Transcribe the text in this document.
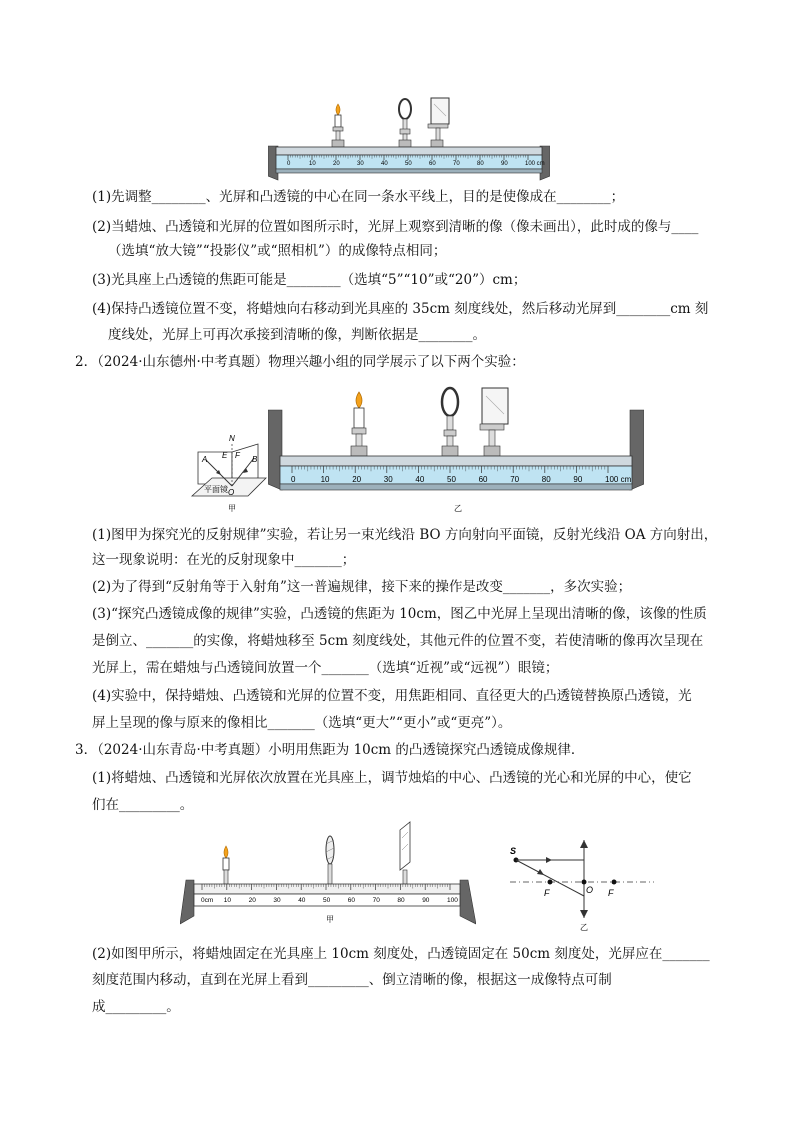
0	10	20	30	40	50	60	70	80	90	100 cm
(1)先调整________、光屏和凸透镜的中心在同一条水平线上，目的是使像成在________；
(2)当蜡烛、凸透镜和光屏的位置如图所示时，光屏上观察到清晰的像（像未画出），此时成的像与____
（选填“放大镜”“投影仪”或“照相机”）的成像特点相同；
(3)光具座上凸透镜的焦距可能是________（选填“5”“10”或“20”）cm；
(4)保持凸透镜位置不变，将蜡烛向右移动到光具座的 35cm 刻度线处，然后移动光屏到________cm 刻
度线处，光屏上可再次承接到清晰的像，判断依据是________。
2．（2024·山东德州·中考真题）物理兴趣小组的同学展示了以下两个实验：
N
E F
A	B
O
平面镜
甲
0	10	20	30	40	50	60	70	80	90	100 cm
乙
(1)图甲为探究光的反射规律”实验，若让另一束光线沿 BO 方向射向平面镜，反射光线沿 OA 方向射出，
这一现象说明：在光的反射现象中_______；
(2)为了得到“反射角等于入射角”这一普遍规律，接下来的操作是改变_______，多次实验；
(3)“探究凸透镜成像的规律”实验，凸透镜的焦距为 10cm，图乙中光屏上呈现出清晰的像，该像的性质
是倒立、_______的实像，将蜡烛移至 5cm 刻度线处，其他元件的位置不变，若使清晰的像再次呈现在
光屏上，需在蜡烛与凸透镜间放置一个_______（选填“近视”或“远视”）眼镜；
(4)实验中，保持蜡烛、凸透镜和光屏的位置不变，用焦距相同、直径更大的凸透镜替换原凸透镜，光
屏上呈现的像与原来的像相比_______（选填“更大”“更小”或“更亮”）。
3．（2024·山东青岛·中考真题）小明用焦距为 10cm 的凸透镜探究凸透镜成像规律．
(1)将蜡烛、凸透镜和光屏依次放置在光具座上，调节烛焰的中心、凸透镜的光心和光屏的中心，使它
们在_________。
0cm 10	20	30	40	50	60	70	80	90	100
甲
S
F	O F
乙
(2)如图甲所示，将蜡烛固定在光具座上 10cm 刻度处，凸透镜固定在 50cm 刻度处，光屏应在_______
刻度范围内移动，直到在光屏上看到_________、倒立清晰的像，根据这一成像特点可制
成_________。
